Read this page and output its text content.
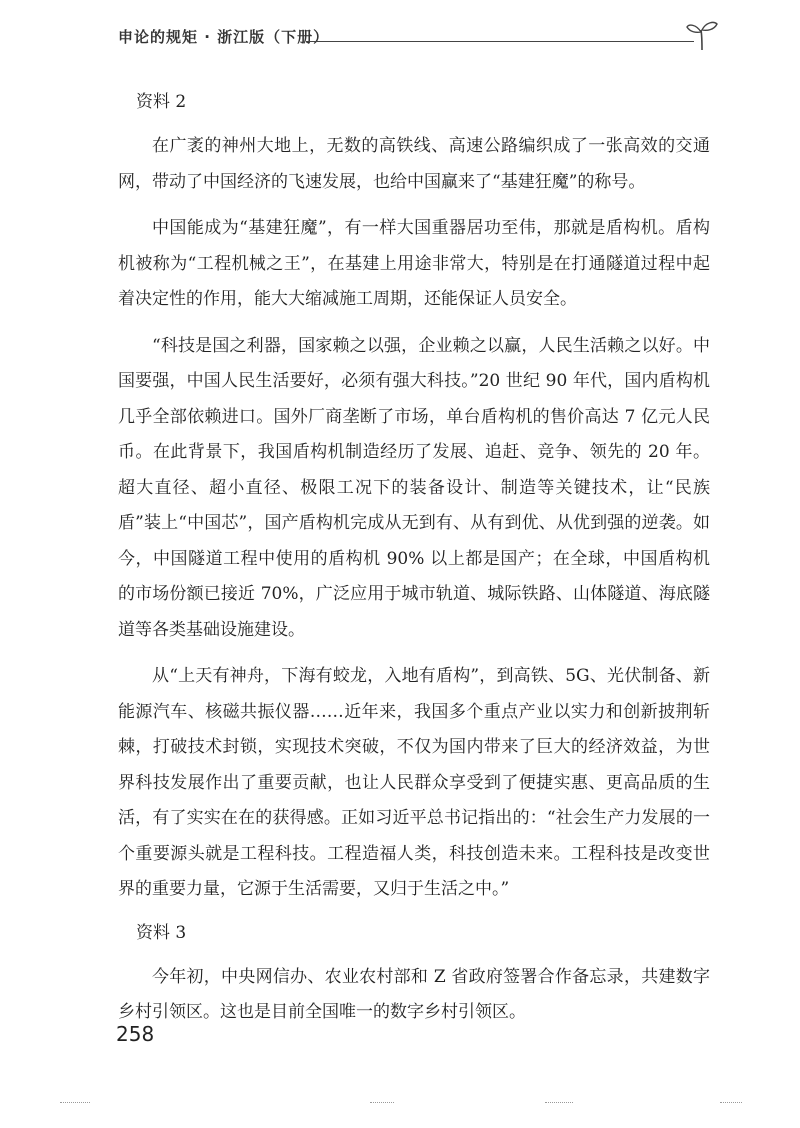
申论的规矩 · 浙江版（下册）

资料 2

在广袤的神州大地上，无数的高铁线、高速公路编织成了一张高效的交通网，带动了中国经济的飞速发展，也给中国赢来了“基建狂魔”的称号。

中国能成为“基建狂魔”，有一样大国重器居功至伟，那就是盾构机。盾构机被称为“工程机械之王”，在基建上用途非常大，特别是在打通隧道过程中起着决定性的作用，能大大缩减施工周期，还能保证人员安全。

“科技是国之利器，国家赖之以强，企业赖之以赢，人民生活赖之以好。中国要强，中国人民生活要好，必须有强大科技。”20 世纪 90 年代，国内盾构机几乎全部依赖进口。国外厂商垄断了市场，单台盾构机的售价高达 7 亿元人民币。在此背景下，我国盾构机制造经历了发展、追赶、竞争、领先的 20 年。超大直径、超小直径、极限工况下的装备设计、制造等关键技术，让“民族盾”装上“中国芯”，国产盾构机完成从无到有、从有到优、从优到强的逆袭。如今，中国隧道工程中使用的盾构机 90% 以上都是国产；在全球，中国盾构机的市场份额已接近 70%，广泛应用于城市轨道、城际铁路、山体隧道、海底隧道等各类基础设施建设。

从“上天有神舟，下海有蛟龙，入地有盾构”，到高铁、5G、光伏制备、新能源汽车、核磁共振仪器……近年来，我国多个重点产业以实力和创新披荆斩棘，打破技术封锁，实现技术突破，不仅为国内带来了巨大的经济效益，为世界科技发展作出了重要贡献，也让人民群众享受到了便捷实惠、更高品质的生活，有了实实在在的获得感。正如习近平总书记指出的：“社会生产力发展的一个重要源头就是工程科技。工程造福人类，科技创造未来。工程科技是改变世界的重要力量，它源于生活需要，又归于生活之中。”

资料 3

今年初，中央网信办、农业农村部和 Z 省政府签署合作备忘录，共建数字乡村引领区。这也是目前全国唯一的数字乡村引领区。

258
